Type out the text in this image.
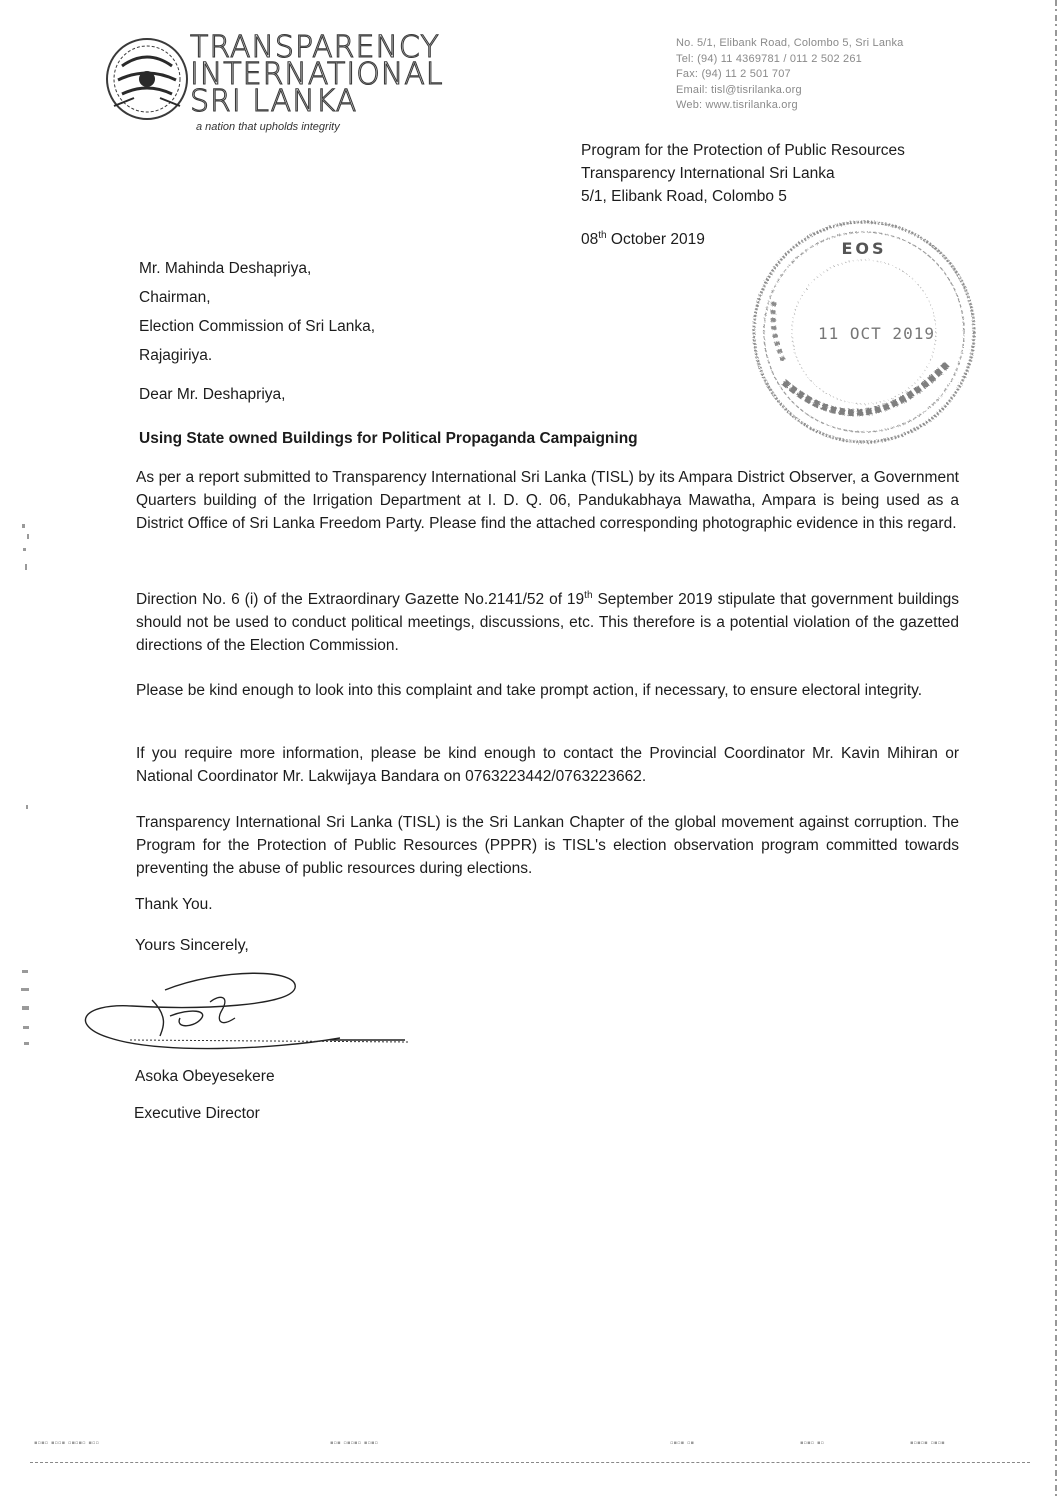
TRANSPARENCY
INTERNATIONAL
SRI LANKA
a nation that upholds integrity
No. 5/1, Elibank Road, Colombo 5, Sri Lanka
Tel: (94) 11 4369781 / 011 2 502 261
Fax: (94) 11 2 501 707
Email: tisl@tisrilanka.org
Web: www.tisrilanka.org
Program for the Protection of Public Resources
Transparency International Sri Lanka
5/1, Elibank Road, Colombo 5
08th October 2019	EOS
11 OCT 2019
Mr. Mahinda Deshapriya,
Chairman,
Election Commission of Sri Lanka,
Rajagiriya.
Dear Mr. Deshapriya,
Using State owned Buildings for Political Propaganda Campaigning

As per a report submitted to Transparency International Sri Lanka (TISL) by its Ampara District Observer, a Government Quarters building of the Irrigation Department at I. D. Q. 06, Pandukabhaya Mawatha, Ampara is being used as a District Office of Sri Lanka Freedom Party. Please find the attached corresponding photographic evidence in this regard.

Direction No. 6 (i) of the Extraordinary Gazette No.2141/52 of 19th September 2019 stipulate that government buildings should not be used to conduct political meetings, discussions, etc. This therefore is a potential violation of the gazetted directions of the Election Commission.

Please be kind enough to look into this complaint and take prompt action, if necessary, to ensure electoral integrity.

If you require more information, please be kind enough to contact the Provincial Coordinator Mr. Kavin Mihiran or National Coordinator Mr. Lakwijaya Bandara on 0763223442/0763223662.

Transparency International Sri Lanka (TISL) is the Sri Lankan Chapter of the global movement against corruption. The Program for the Protection of Public Resources (PPPR) is TISL's election observation program committed towards preventing the abuse of public resources during elections.

Thank You.
Yours Sincerely,
Asoka Obeyesekere
Executive Director
▪▫▪▫ ▪▫▫▪ ▫▪▫▪▫ ▪▫▫	▪▫▪ ▫▪▫▪▫ ▪▫▪▫	▫▪▫▪ ▫▪	▪▫▪▫ ▪▫	▪▫▪▫▪ ▫▪▫▪
